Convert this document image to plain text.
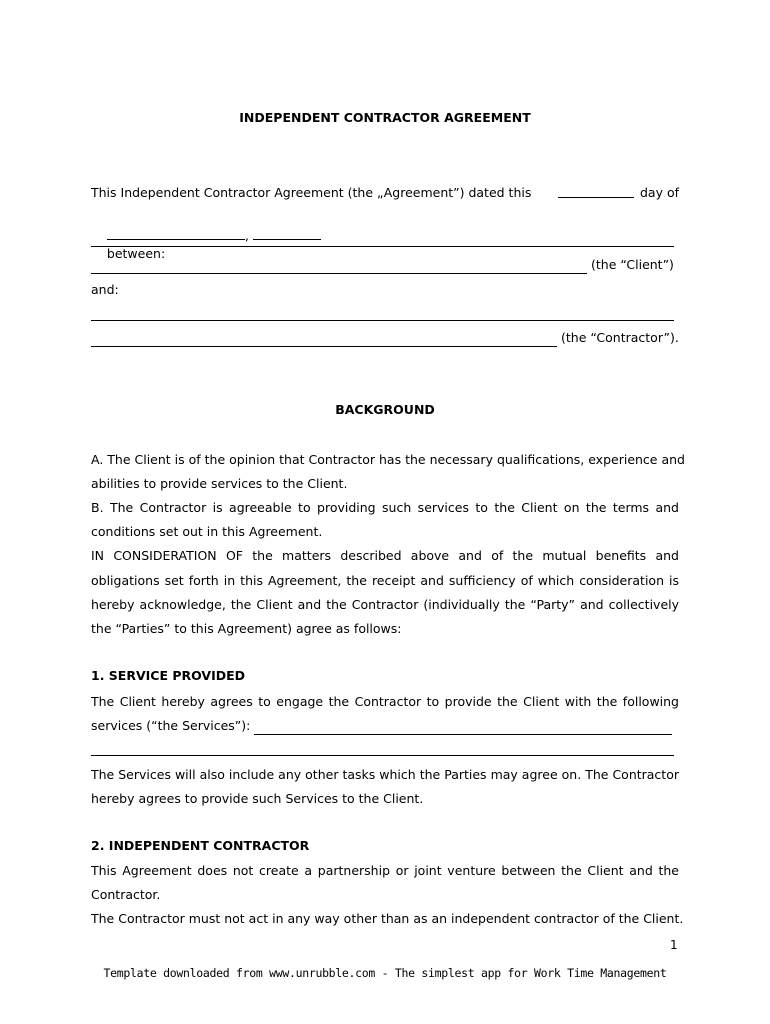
INDEPENDENT CONTRACTOR AGREEMENT
This Independent Contractor Agreement (the „Agreement”) dated this	day of

,
between:

(the “Client”)
and:
(the “Contractor”).
BACKGROUND
A. The Client is of the opinion that Contractor has the necessary qualifications, experience and
abilities to provide services to the Client.
B. The Contractor is agreeable to providing such services to the Client on the terms and
conditions set out in this Agreement.
IN CONSIDERATION OF the matters described above and of the mutual benefits and
obligations set forth in this Agreement, the receipt and sufficiency of which consideration is
hereby acknowledge, the Client and the Contractor (individually the “Party” and collectively
the “Parties” to this Agreement) agree as follows:
1. SERVICE PROVIDED
The Client hereby agrees to engage the Contractor to provide the Client with the following
services (“the Services”):
The Services will also include any other tasks which the Parties may agree on. The Contractor
hereby agrees to provide such Services to the Client.
2. INDEPENDENT CONTRACTOR
This Agreement does not create a partnership or joint venture between the Client and the
Contractor.
The Contractor must not act in any way other than as an independent contractor of the Client.
1
Template downloaded from www.unrubble.com - The simplest app for Work Time Management
